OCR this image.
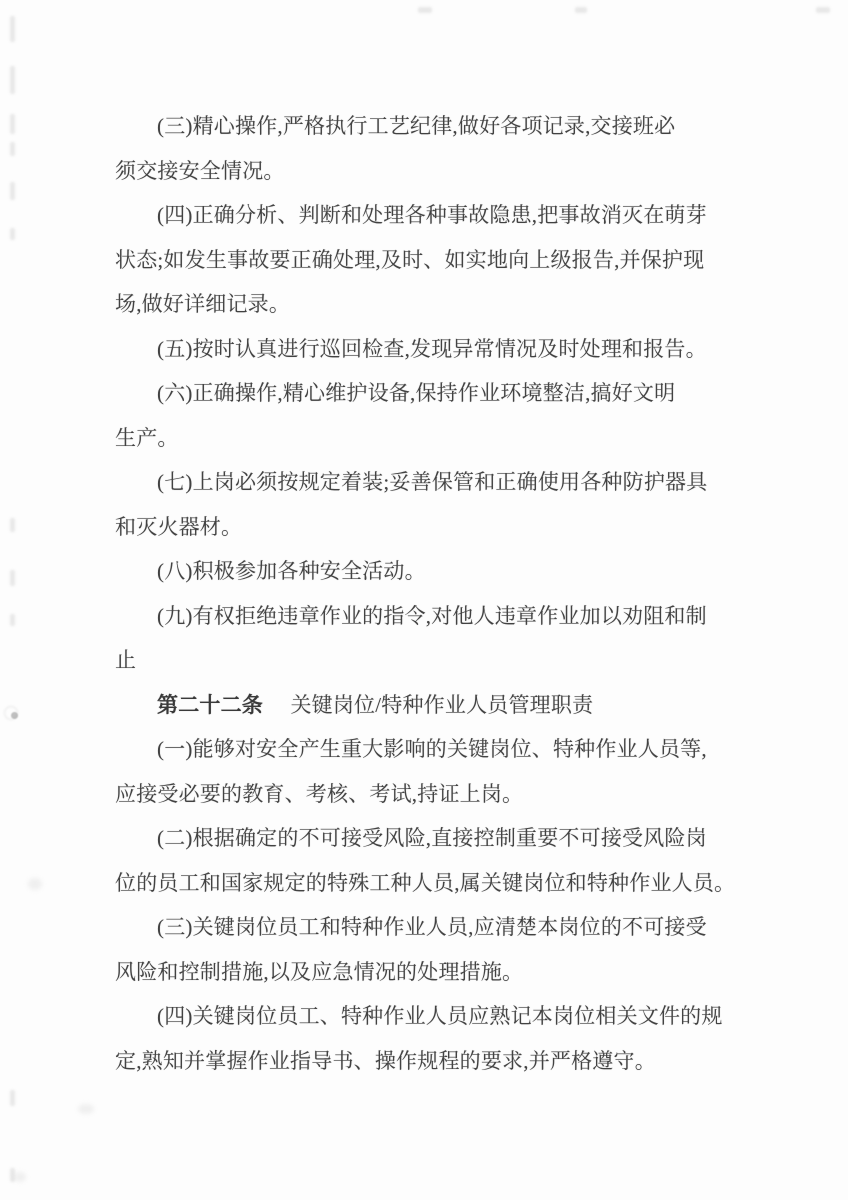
(三)精心操作,严格执行工艺纪律,做好各项记录,交接班必
须交接安全情况。
(四)正确分析、判断和处理各种事故隐患,把事故消灭在萌芽
状态;如发生事故要正确处理,及时、如实地向上级报告,并保护现
场,做好详细记录。
(五)按时认真进行巡回检查,发现异常情况及时处理和报告。
(六)正确操作,精心维护设备,保持作业环境整洁,搞好文明
生产。
(七)上岗必须按规定着装;妥善保管和正确使用各种防护器具
和灭火器材。
(八)积极参加各种安全活动。
(九)有权拒绝违章作业的指令,对他人违章作业加以劝阻和制
止
第二十二条 关键岗位/特种作业人员管理职责
(一)能够对安全产生重大影响的关键岗位、特种作业人员等,
应接受必要的教育、考核、考试,持证上岗。
(二)根据确定的不可接受风险,直接控制重要不可接受风险岗
位的员工和国家规定的特殊工种人员,属关键岗位和特种作业人员。
(三)关键岗位员工和特种作业人员,应清楚本岗位的不可接受
风险和控制措施,以及应急情况的处理措施。
(四)关键岗位员工、特种作业人员应熟记本岗位相关文件的规
定,熟知并掌握作业指导书、操作规程的要求,并严格遵守。
